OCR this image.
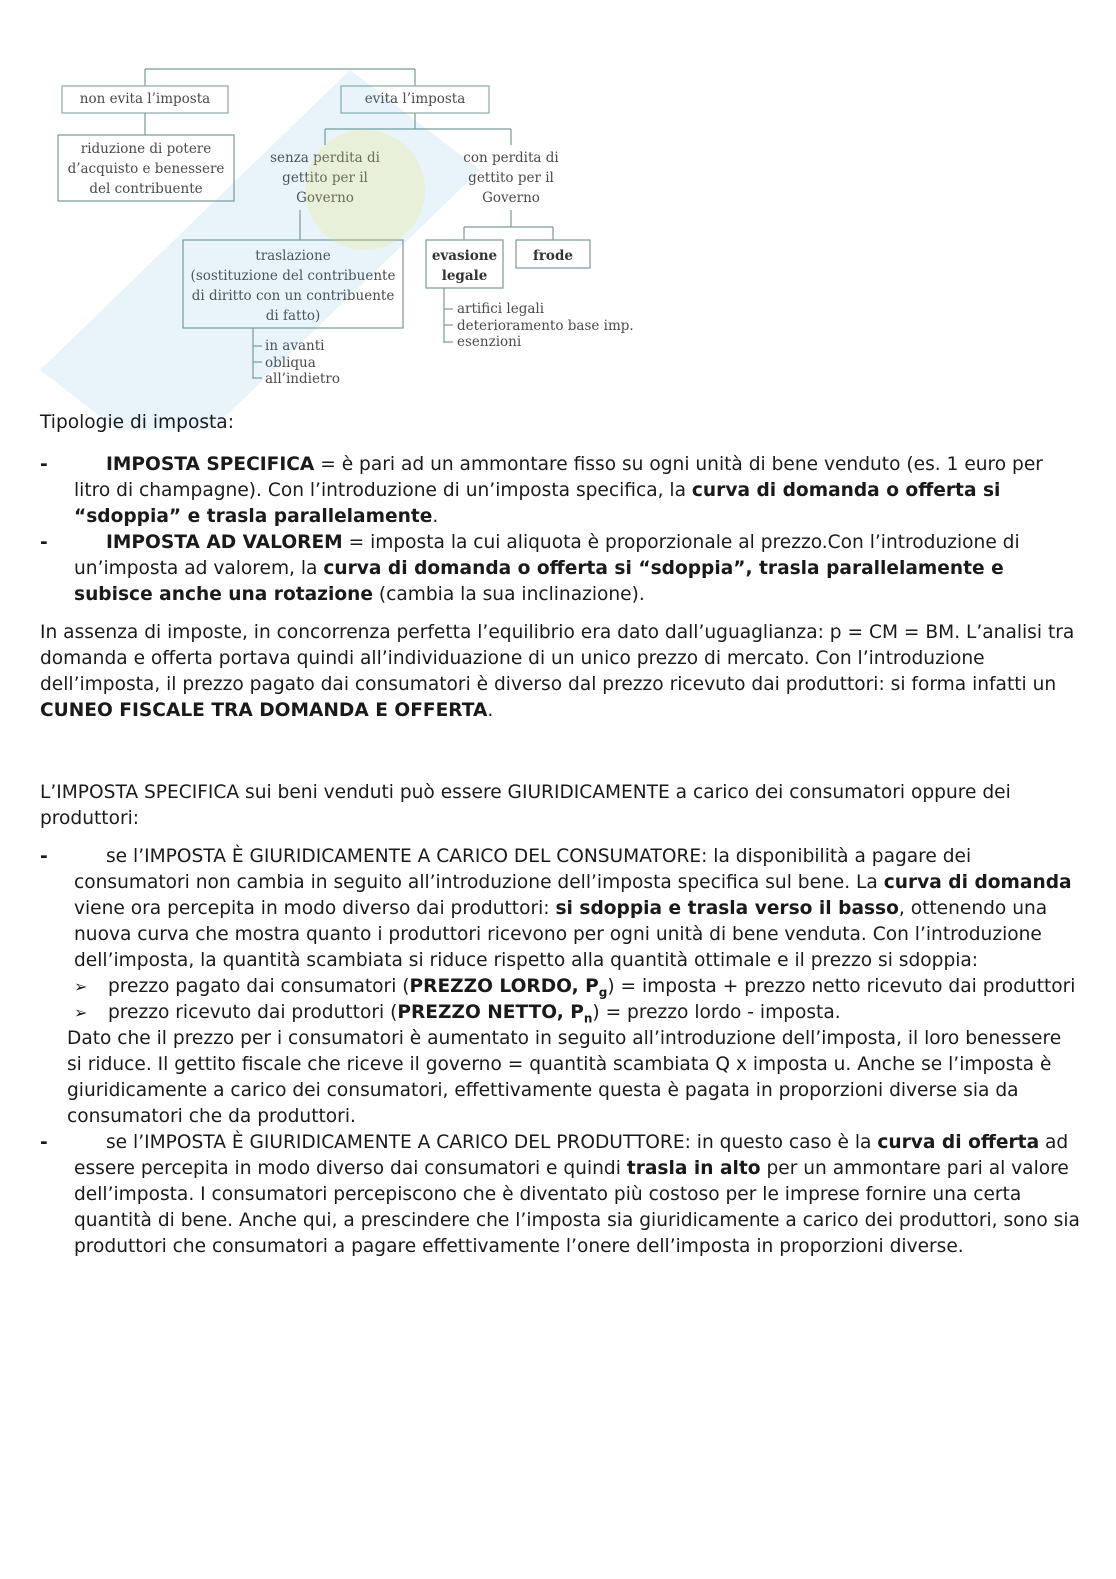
non evita l’imposta	evita l’imposta
riduzione di potere
d’acquisto e benessere
del contribuente
senza perdita di
gettito per il
Governo
con perdita di
gettito per il
Governo
traslazione
(sostituzione del contribuente
di diritto con un contribuente
di fatto)
evasione
legale
frode
in avanti
obliqua
all’indietro
artifici legali
deterioramento base imp.
esenzioni

Tipologie di imposta:

-	IMPOSTA SPECIFICA = è pari ad un ammontare fisso su ogni unità di bene venduto (es. 1 euro per litro di champagne). Con l’introduzione di un’imposta specifica, la curva di domanda o offerta si “sdoppia” e trasla parallelamente.
-	IMPOSTA AD VALOREM = imposta la cui aliquota è proporzionale al prezzo.Con l’introduzione di un’imposta ad valorem, la curva di domanda o offerta si “sdoppia”, trasla parallelamente e subisce anche una rotazione (cambia la sua inclinazione).

In assenza di imposte, in concorrenza perfetta l’equilibrio era dato dall’uguaglianza: p = CM = BM. L’analisi tra domanda e offerta portava quindi all’individuazione di un unico prezzo di mercato. Con l’introduzione dell’imposta, il prezzo pagato dai consumatori è diverso dal prezzo ricevuto dai produttori: si forma infatti un CUNEO FISCALE TRA DOMANDA E OFFERTA.

L’IMPOSTA SPECIFICA sui beni venduti può essere GIURIDICAMENTE a carico dei consumatori oppure dei produttori:

-	se l’IMPOSTA È GIURIDICAMENTE A CARICO DEL CONSUMATORE: la disponibilità a pagare dei consumatori non cambia in seguito all’introduzione dell’imposta specifica sul bene. La curva di domanda viene ora percepita in modo diverso dai produttori: si sdoppia e trasla verso il basso, ottenendo una nuova curva che mostra quanto i produttori ricevono per ogni unità di bene venduta. Con l’introduzione dell’imposta, la quantità scambiata si riduce rispetto alla quantità ottimale e il prezzo si sdoppia:
➢ prezzo pagato dai consumatori (PREZZO LORDO, $P_g$) = imposta + prezzo netto ricevuto dai produttori
➢ prezzo ricevuto dai produttori (PREZZO NETTO, $P_n$) = prezzo lordo - imposta.

Dato che il prezzo per i consumatori è aumentato in seguito all’introduzione dell’imposta, il loro benessere si riduce. Il gettito fiscale che riceve il governo = quantità scambiata Q x imposta u. Anche se l’imposta è giuridicamente a carico dei consumatori, effettivamente questa è pagata in proporzioni diverse sia da consumatori che da produttori.

-	se l’IMPOSTA È GIURIDICAMENTE A CARICO DEL PRODUTTORE: in questo caso è la curva di offerta ad essere percepita in modo diverso dai consumatori e quindi trasla in alto per un ammontare pari al valore dell’imposta. I consumatori percepiscono che è diventato più costoso per le imprese fornire una certa quantità di bene. Anche qui, a prescindere che l’imposta sia giuridicamente a carico dei produttori, sono sia produttori che consumatori a pagare effettivamente l’onere dell’imposta in proporzioni diverse.
